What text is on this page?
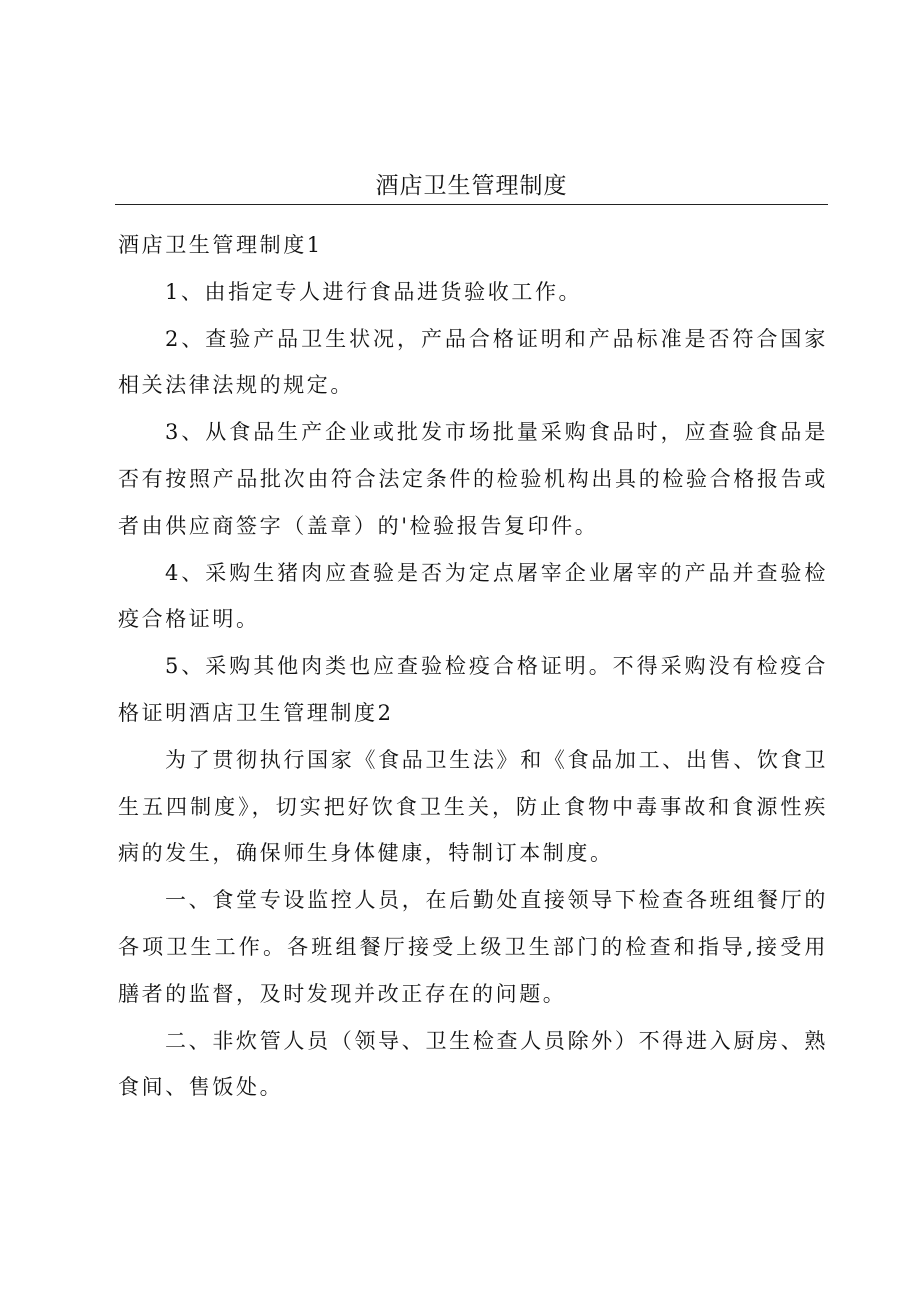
酒店卫生管理制度

酒店卫生管理制度1

1、由指定专人进行食品进货验收工作。

2、查验产品卫生状况，产品合格证明和产品标准是否符合国家相关法律法规的规定。

3、从食品生产企业或批发市场批量采购食品时，应查验食品是否有按照产品批次由符合法定条件的检验机构出具的检验合格报告或者由供应商签字（盖章）的'检验报告复印件。

4、采购生猪肉应查验是否为定点屠宰企业屠宰的产品并查验检疫合格证明。

5、采购其他肉类也应查验检疫合格证明。不得采购没有检疫合格证明酒店卫生管理制度2

为了贯彻执行国家《食品卫生法》和《食品加工、出售、饮食卫生五四制度》，切实把好饮食卫生关，防止食物中毒事故和食源性疾病的发生，确保师生身体健康，特制订本制度。

一、食堂专设监控人员，在后勤处直接领导下检查各班组餐厅的各项卫生工作。各班组餐厅接受上级卫生部门的检查和指导,接受用膳者的监督，及时发现并改正存在的问题。

二、非炊管人员（领导、卫生检查人员除外）不得进入厨房、熟食间、售饭处。
